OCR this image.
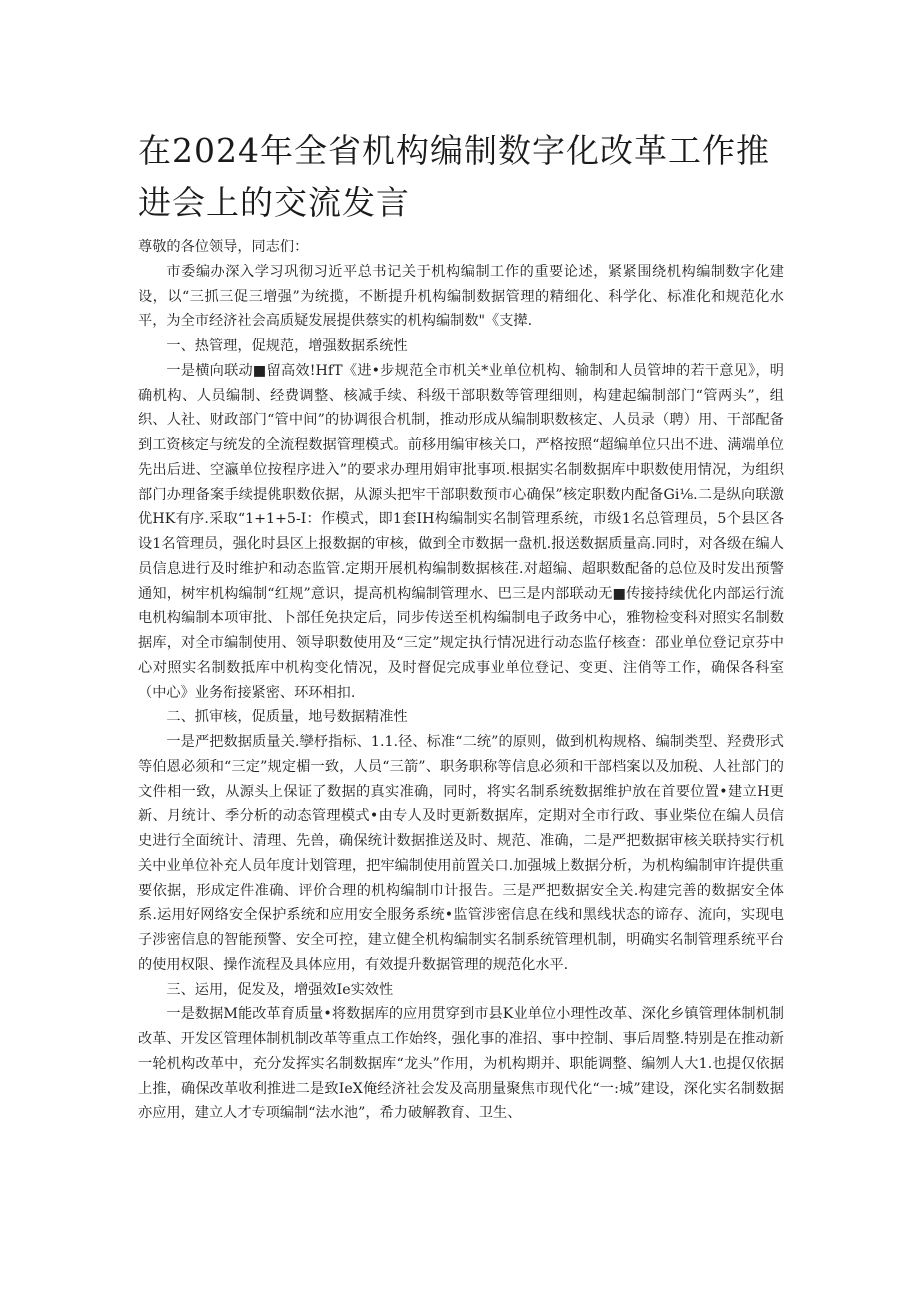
在2024年全省机构编制数字化改革工作推进会上的交流发言

尊敬的各位领导，同志们：

市委编办深入学习巩彻习近平总书记关于机构编制工作的重要论述，紧紧围绕机构编制数字化建设，以“三抓三促三增强”为统揽，不断提升机构编制数据管理的精细化、科学化、标准化和规范化水平，为全市经济社会高质疑发展提供蔡实的机构编制数"《支撵.

一、热管理，促规范，增强数据系统性

一是横向联动■留高效!HfT《进•步规范全市机关*业单位机构、输制和人员管坤的若干意见》，明确机构、人员编制、经费调整、核减手续、科级干部职数等管理细则，构建起编制部门“管两头”，组织、人社、财政部门“管中间”的协调很合机制，推动形成从编制职数核定、人员录（聘）用、干部配备到工资核定与统发的全流程数据管理模式。前移用编审核关口，严格按照“超编单位只出不进、满端单位先出后进、空瀛单位按程序进入”的要求办理用娟审批事项.根据实名制数据库中职数使用情况，为组织部门办理备案手续提佻职数依据，从源头把牢干部职数预市心确保”核定职数内配备Gi⅛.二是纵向联激优HK有序.采取“1+1+5-I：作模式，即1套IH构编制实名制管理系统，市级1名总管理员，5个县区各设1名管理员，强化时县区上报数据的审核，做到全市数据一盘机.报送数据质量高.同时，对各级在编人员信息进行及时维护和动态监管.定期开展机构编制数据核荏.对超编、超职数配备的总位及时发出预警通知，树牢机构编制“红规”意识，提高机构编制管理水、巴三是内部联动无■传接持续优化内部运行流电机构编制本项审批、卜部任免抉定后，同步传送至机构编制电子政务中心，雅物检变科对照实名制数据库，对全市编制使用、领导职数使用及“三定”规定执行情况进行动态监仔核查：邵业单位登记京芬中心对照实名制数抵库中机构变化情况，及时督促完成事业单位登记、变更、注俏等工作，确保各科室（中心》业务衔接紧密、环环相扣.

二、抓审核，促质量，地号数据精准性

一是严把数据质量关.孿杼指标、1.1.径、标准“二统”的原则，做到机构规格、编制类型、羟费形式等伯恩必须和“三定”规定楣一致，人员“三箭”、职务职称等信息必须和干部档案以及加税、人社部门的文件相一致，从源头上保证了数据的真实准确，同时，将实名制系统数据维护放在首要位置•建立H更新、月统计、季分析的动态管理模式•由专人及时更新数据库，定期对全市行政、事业柴位在编人员信史进行全面统计、清理、先兽，确保统计数据推送及时、规范、准确，二是严把数据审核关联持实行机关中业单位补充人员年度计划管理，把牢编制使用前置关口.加强城上数据分析，为机构编制审许提供重要依据，形成定件准确、评价合理的机构编制巾计报告。三是严把数据安全关.构建完善的数据安全体系.运用好网络安全保护系统和应用安全服务系统•监管涉密信息在线和黑线状态的谛存、流向，实现电子涉密信息的智能预警、安全可控，建立健全机构编制实名制系统管理机制，明确实名制管理系统平台的使用权限、操作流程及具体应用，有效提升数据管理的规范化水平.

三、运用，促发及，增强效Ie实效性

一是数据M能改革育质量•将数据库的应用贯穿到市县K业单位小理性改革、深化乡镇管理体制机制改革、开发区管理体制机制改革等重点工作始终，强化事的准招、事中控制、事后周整.特别是在推动新一轮机构改革中，充分发挥实名制数据库“龙头”作用，为机构期并、职能调整、编刎人大1.也提仅依据上推，确保改革收利推进二是致IeX俺经济社会发及高朋量聚焦市现代化“一:城”建设，深化实名制数据亦应用，建立人才专项编制“法水池”，希力破解教育、卫生、
